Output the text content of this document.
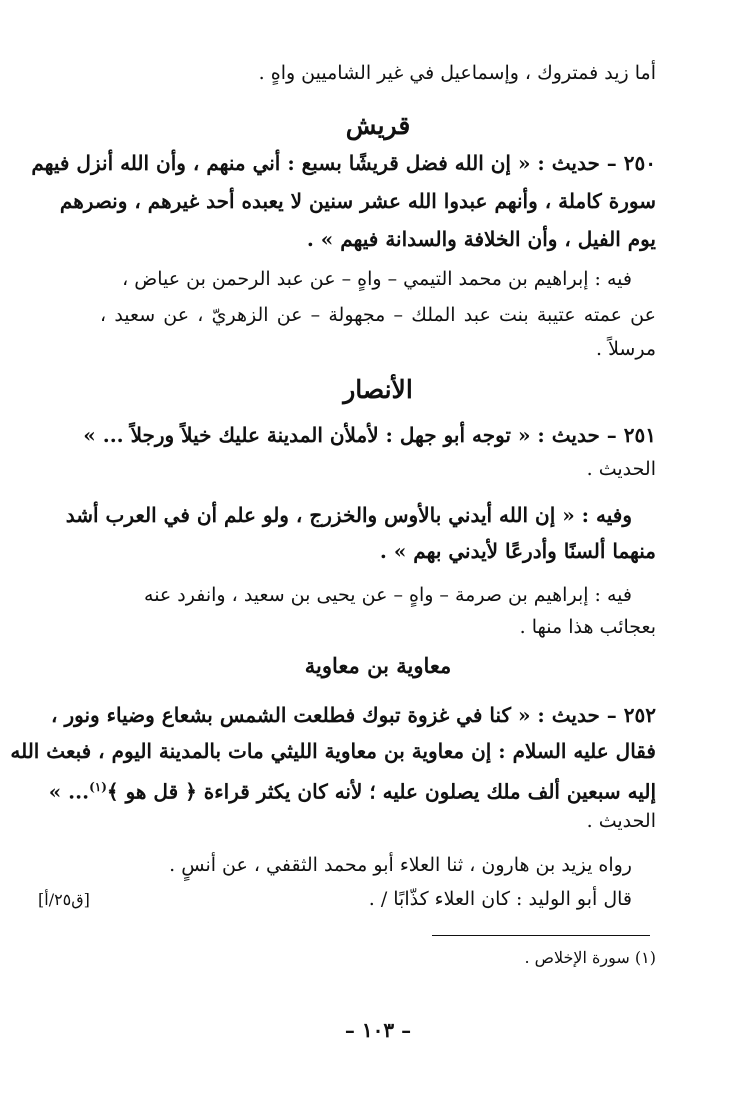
أما زيد فمتروك ، وإسماعيل في غير الشاميين واهٍ .
قريش
٢٥٠ – حديث : « إن الله فضل قريشًا بسبع : أني منهم ، وأن الله أنزل فيهم
سورة كاملة ، وأنهم عبدوا الله عشر سنين لا يعبده أحد غيرهم ، ونصرهم
يوم الفيل ، وأن الخلافة والسدانة فيهم » .
فيه : إبراهيم بن محمد التيمي – واهٍ – عن عبد الرحمن بن عياض ،
عن عمته عتيبة بنت عبد الملك – مجهولة – عن الزهريّ ، عن سعيد ،
مرسلاً .
الأنصار
٢٥١ – حديث : « توجه أبو جهل : لأملأن المدينة عليك خيلاً ورجلاً ... »
الحديث .
وفيه : « إن الله أيدني بالأوس والخزرج ، ولو علم أن في العرب أشد
منهما ألسنًا وأدرعًا لأيدني بهم » .
فيه : إبراهيم بن صرمة – واهٍ – عن يحيى بن سعيد ، وانفرد عنه
بعجائب هذا منها .
معاوية بن معاوية
٢٥٢ – حديث : « كنا في غزوة تبوك فطلعت الشمس بشعاع وضياء ونور ،
فقال عليه السلام : إن معاوية بن معاوية الليثي مات بالمدينة اليوم ، فبعث الله
إليه سبعين ألف ملك يصلون عليه ؛ لأنه كان يكثر قراءة ﴿ قل هو ﴾$^{(١)}$... »
الحديث .
رواه يزيد بن هارون ، ثنا العلاء أبو محمد الثقفي ، عن أنسٍ .
قال أبو الوليد : كان العلاء كذّابًا / .
[ق٢٥/أ]
(١) سورة الإخلاص .
– ١٠٣ –
